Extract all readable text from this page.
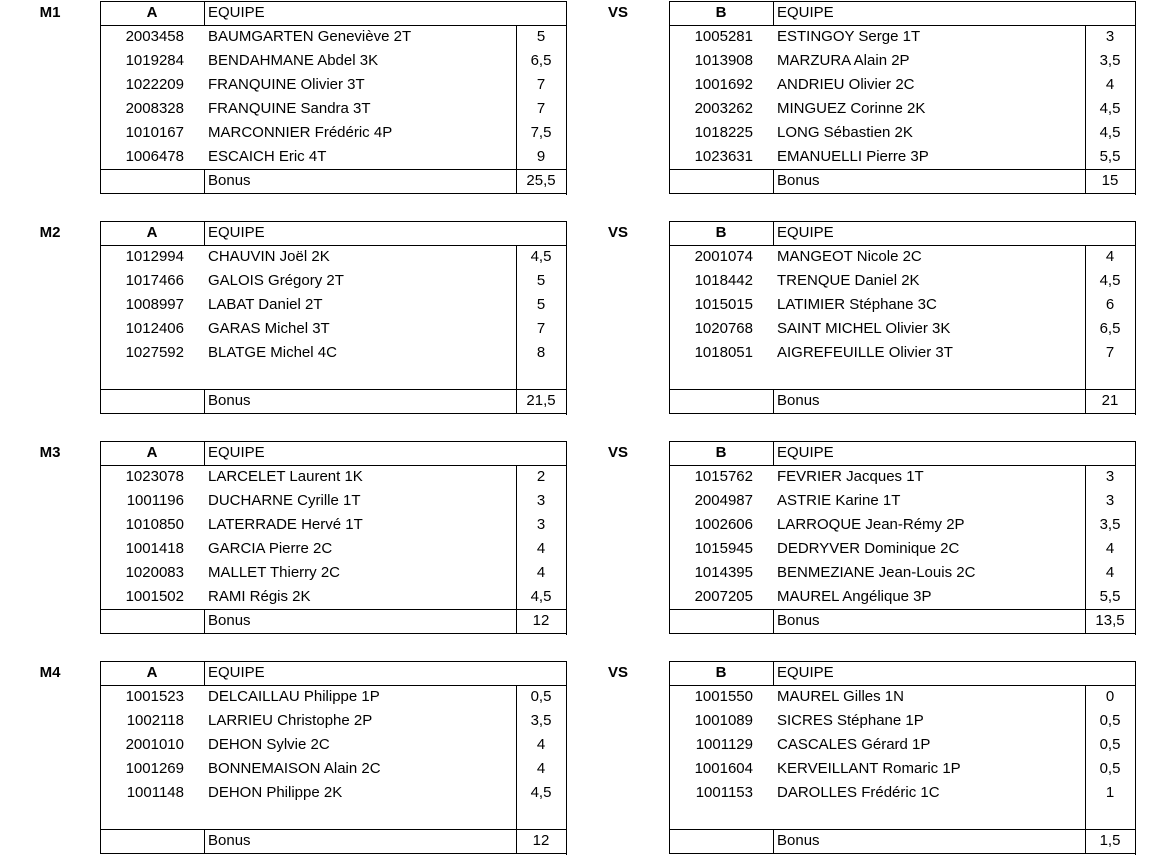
M1	VS
A	EQUIPE
2003458 BAUMGARTEN Geneviève 2T	5
1019284 BENDAHMANE Abdel 3K	6,5
1022209 FRANQUINE Olivier 3T	7
2008328 FRANQUINE Sandra 3T	7
1010167 MARCONNIER Frédéric 4P	7,5
1006478 ESCAICH Eric 4T	9
Bonus	25,5
B	EQUIPE
1005281 ESTINGOY Serge 1T	3
1013908 MARZURA Alain 2P	3,5
1001692 ANDRIEU Olivier 2C	4
2003262 MINGUEZ Corinne 2K	4,5
1018225 LONG Sébastien 2K	4,5
1023631 EMANUELLI Pierre 3P	5,5
Bonus	15
M2	VS
A	EQUIPE
1012994 CHAUVIN Joël 2K	4,5
1017466 GALOIS Grégory 2T	5
1008997 LABAT Daniel 2T	5
1012406 GARAS Michel 3T	7
1027592 BLATGE Michel 4C	8
Bonus	21,5
B	EQUIPE
2001074 MANGEOT Nicole 2C	4
1018442 TRENQUE Daniel 2K	4,5
1015015 LATIMIER Stéphane 3C	6
1020768 SAINT MICHEL Olivier 3K	6,5
1018051 AIGREFEUILLE Olivier 3T	7
Bonus	21
M3	VS
A	EQUIPE
1023078 LARCELET Laurent 1K	2
1001196 DUCHARNE Cyrille 1T	3
1010850 LATERRADE Hervé 1T	3
1001418 GARCIA Pierre 2C	4
1020083 MALLET Thierry 2C	4
1001502 RAMI Régis 2K	4,5
Bonus	12
B	EQUIPE
1015762 FEVRIER Jacques 1T	3
2004987 ASTRIE Karine 1T	3
1002606 LARROQUE Jean-Rémy 2P	3,5
1015945 DEDRYVER Dominique 2C	4
1014395 BENMEZIANE Jean-Louis 2C	4
2007205 MAUREL Angélique 3P	5,5
Bonus	13,5
M4	VS
A	EQUIPE
1001523 DELCAILLAU Philippe 1P	0,5
1002118 LARRIEU Christophe 2P	3,5
2001010 DEHON Sylvie 2C	4
1001269 BONNEMAISON Alain 2C	4
1001148 DEHON Philippe 2K	4,5
Bonus	12
B	EQUIPE
1001550 MAUREL Gilles 1N	0
1001089 SICRES Stéphane 1P	0,5
1001129 CASCALES Gérard 1P	0,5
1001604 KERVEILLANT Romaric 1P	0,5
1001153 DAROLLES Frédéric 1C	1
Bonus	1,5
